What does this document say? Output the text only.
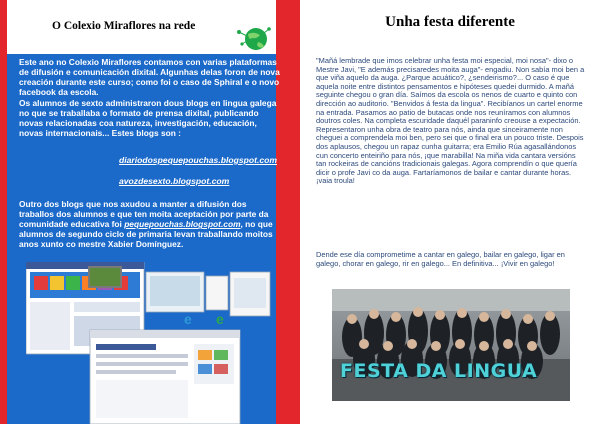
O Colexio Miraflores na rede
Este ano no Colexio Miraflores contamos con varias plataformas de difusión e comunicación dixital. Algunhas delas foron de nova creación durante este curso; como foi o caso de Sphiral e o novo facebook da escola.
Os alumnos de sexto administraron dous blogs en lingua galega no que se traballaba o formato de prensa dixital, publicando novas relacionadas coa natureza, investigación, educación, novas internacionais... Estes blogs son :
diariodospequepouchas.blogspot.com
avozdesexto.blogspot.com
Outro dos blogs que nos axudou a manter a difusión dos traballos dos alumnos e que ten moita aceptación por parte da comunidade educativa foi pequepouchas.blogspot.com, no que alumnos de segundo ciclo de primaria levan traballando moitos anos xunto co mestre Xabier Domínguez.
e e
Unha festa diferente

"Mañá lembrade que imos celebrar unha festa moi especial, moi nosa"- dixo o Mestre Javi, "E además precisaredes moita auga"- engadiu. Non sabía moi ben a que viña aquelo da auga. ¿Parque acuático?, ¿sendeirismo?... O caso é que aquela noite entre distintos pensamentos e hipóteses quedei durmido. A mañá seguinte chegou o gran día. Saímos da escola os nenos de cuarto e quinto con dirección ao auditorio. "Benvidos á festa da lingua". Recibíanos un cartel enorme na entrada. Pasamos ao patio de butacas onde nos reuníramos con alumnos doutros coles. Na completa escuridade daquél paraninfo creouse a expectación. Representaron unha obra de teatro para nós, ainda que sinceiramente non cheguei a comprendela moi ben, pero sei que o final era un pouco triste. Despois dos aplausos, chegou un rapaz cunha guitarra; era Emilio Rúa agasallándonos cun concerto enteiriño para nós, ¡que marabilla! Na miña vida cantara versións tan rockeiras de cancións tradicionais galegas. Agora comprendín o que quería dicir o profe Javi co da auga. Fartaríamonos de bailar e cantar durante horas. ¡vaia troula!

Dende ese día comprometime a cantar en galego, bailar en galego, ligar en galego, chorar en galego, rir en galego... En definitiva... ¡Vivir en galego!
FESTA DA LINGUA
